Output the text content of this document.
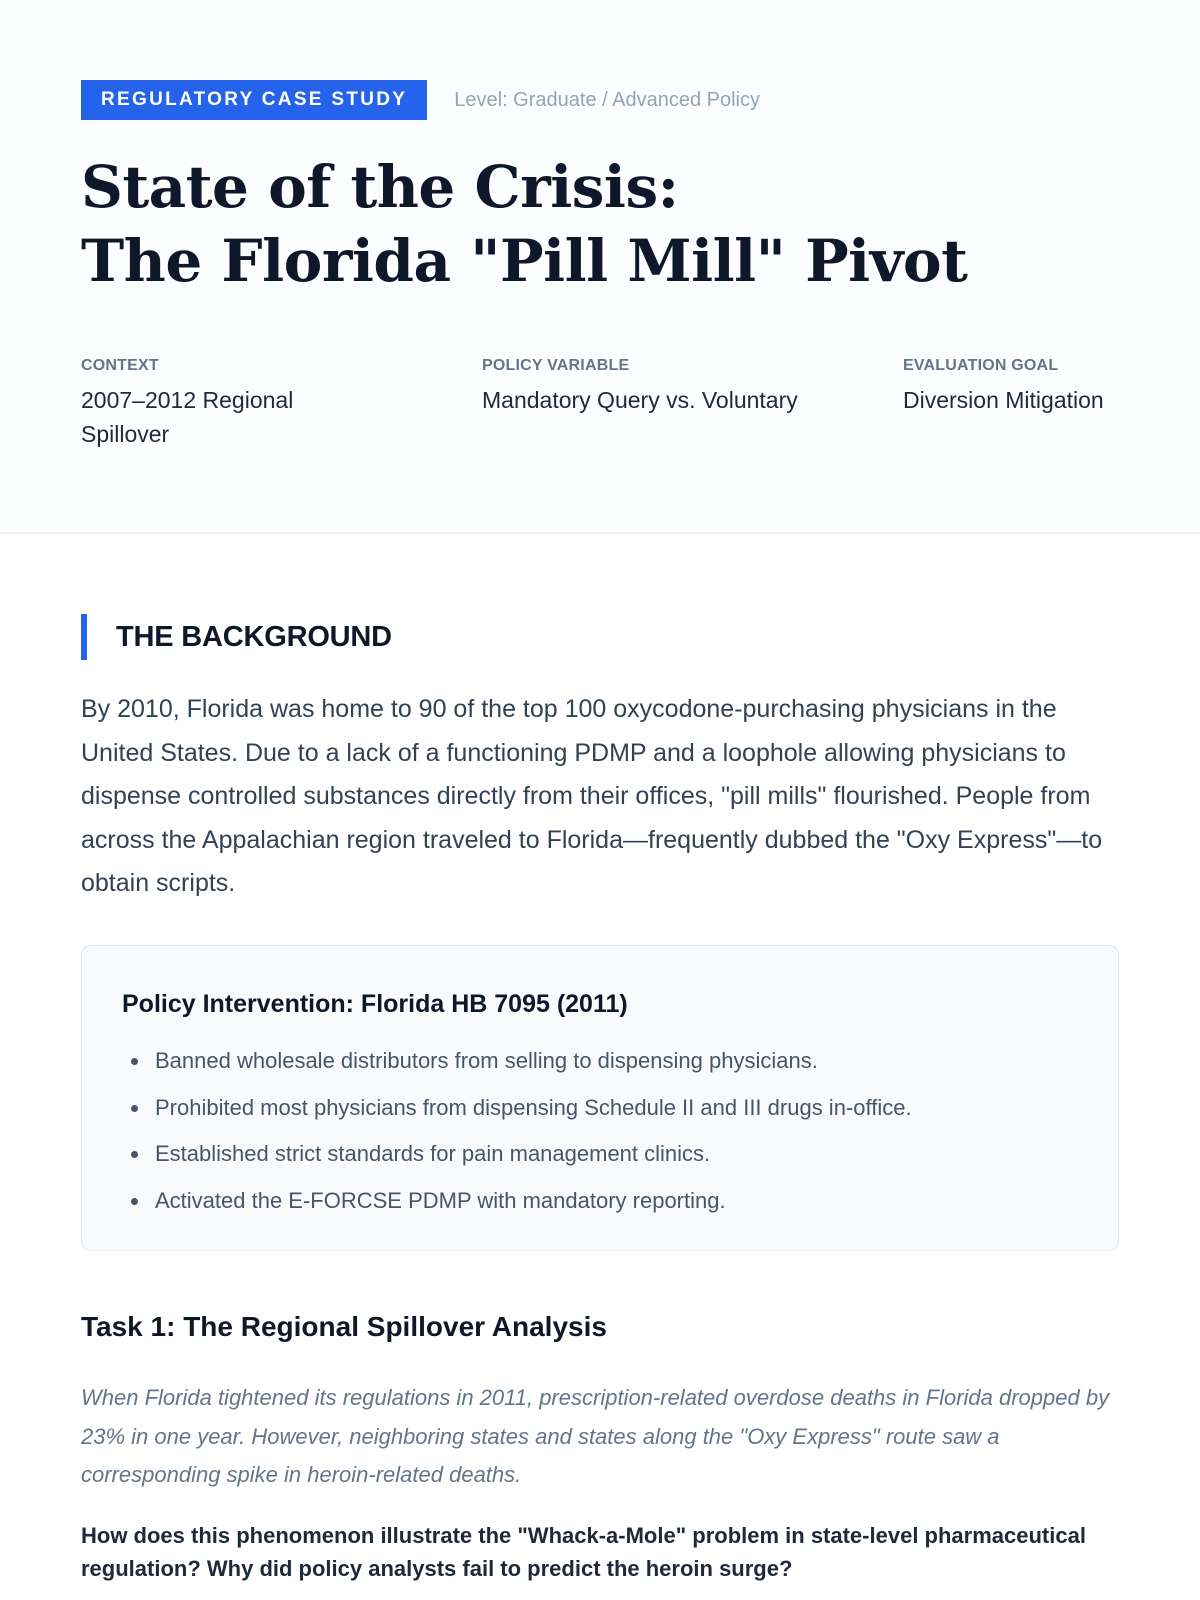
REGULATORY CASE STUDY	Level: Graduate / Advanced Policy
State of the Crisis:
The Florida "Pill Mill" Pivot
CONTEXT
2007–2012 Regional Spillover
POLICY VARIABLE
Mandatory Query vs. Voluntary
EVALUATION GOAL
Diversion Mitigation
THE BACKGROUND

By 2010, Florida was home to 90 of the top 100 oxycodone-purchasing physicians in the United States. Due to a lack of a functioning PDMP and a loophole allowing physicians to dispense controlled substances directly from their offices, "pill mills" flourished. People from across the Appalachian region traveled to Florida—frequently dubbed the "Oxy Express"—to obtain scripts.

Policy Intervention: Florida HB 7095 (2011)
Banned wholesale distributors from selling to dispensing physicians.
Prohibited most physicians from dispensing Schedule II and III drugs in-office.
Established strict standards for pain management clinics.
Activated the E-FORCSE PDMP with mandatory reporting.
Task 1: The Regional Spillover Analysis

When Florida tightened its regulations in 2011, prescription-related overdose deaths in Florida dropped by 23% in one year. However, neighboring states and states along the "Oxy Express" route saw a corresponding spike in heroin-related deaths.

How does this phenomenon illustrate the "Whack-a-Mole" problem in state-level pharmaceutical regulation? Why did policy analysts fail to predict the heroin surge?
